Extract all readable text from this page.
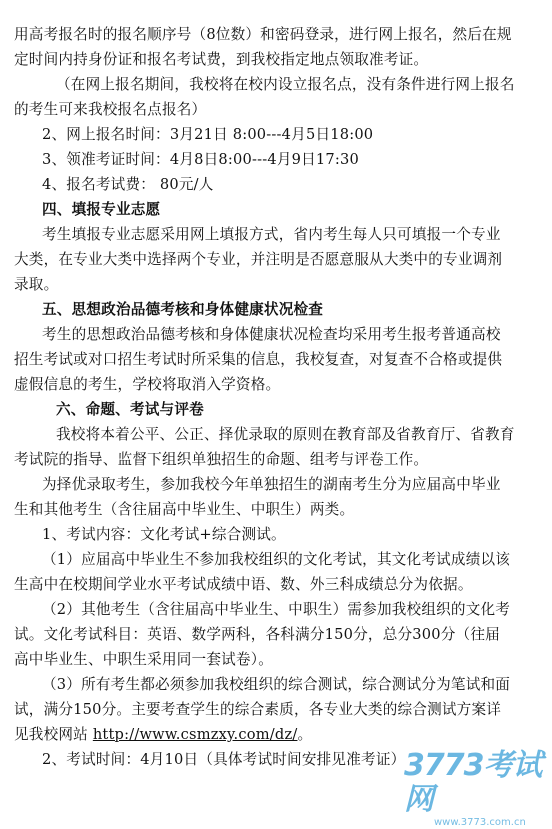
用高考报名时的报名顺序号（8位数）和密码登录，进行网上报名，然后在规
定时间内持身份证和报名考试费，到我校指定地点领取准考证。
（在网上报名期间，我校将在校内设立报名点，没有条件进行网上报名
的考生可来我校报名点报名）
2、网上报名时间：3月21日 8:00---4月5日18:00
3、领准考证时间：4月8日8:00---4月9日17:30
4、报名考试费： 80元/人
四、填报专业志愿
考生填报专业志愿采用网上填报方式，省内考生每人只可填报一个专业
大类，在专业大类中选择两个专业，并注明是否愿意服从大类中的专业调剂
录取。
五、思想政治品德考核和身体健康状况检查
考生的思想政治品德考核和身体健康状况检查均采用考生报考普通高校
招生考试或对口招生考试时所采集的信息，我校复查，对复查不合格或提供
虚假信息的考生，学校将取消入学资格。
六、命题、考试与评卷
我校将本着公平、公正、择优录取的原则在教育部及省教育厅、省教育
考试院的指导、监督下组织单独招生的命题、组考与评卷工作。
为择优录取考生，参加我校今年单独招生的湖南考生分为应届高中毕业
生和其他考生（含往届高中毕业生、中职生）两类。
1、考试内容：文化考试+综合测试。
（1）应届高中毕业生不参加我校组织的文化考试，其文化考试成绩以该
生高中在校期间学业水平考试成绩中语、数、外三科成绩总分为依据。
（2）其他考生（含往届高中毕业生、中职生）需参加我校组织的文化考
试。文化考试科目：英语、数学两科，各科满分150分，总分300分（往届
高中毕业生、中职生采用同一套试卷）。
（3）所有考生都必须参加我校组织的综合测试，综合测试分为笔试和面
试，满分150分。主要考查学生的综合素质，各专业大类的综合测试方案详
见我校网站 http://www.csmzxy.com/dz/。
2、考试时间：4月10日（具体考试时间安排见准考证）
3773考试网
www.3773.com.cn
